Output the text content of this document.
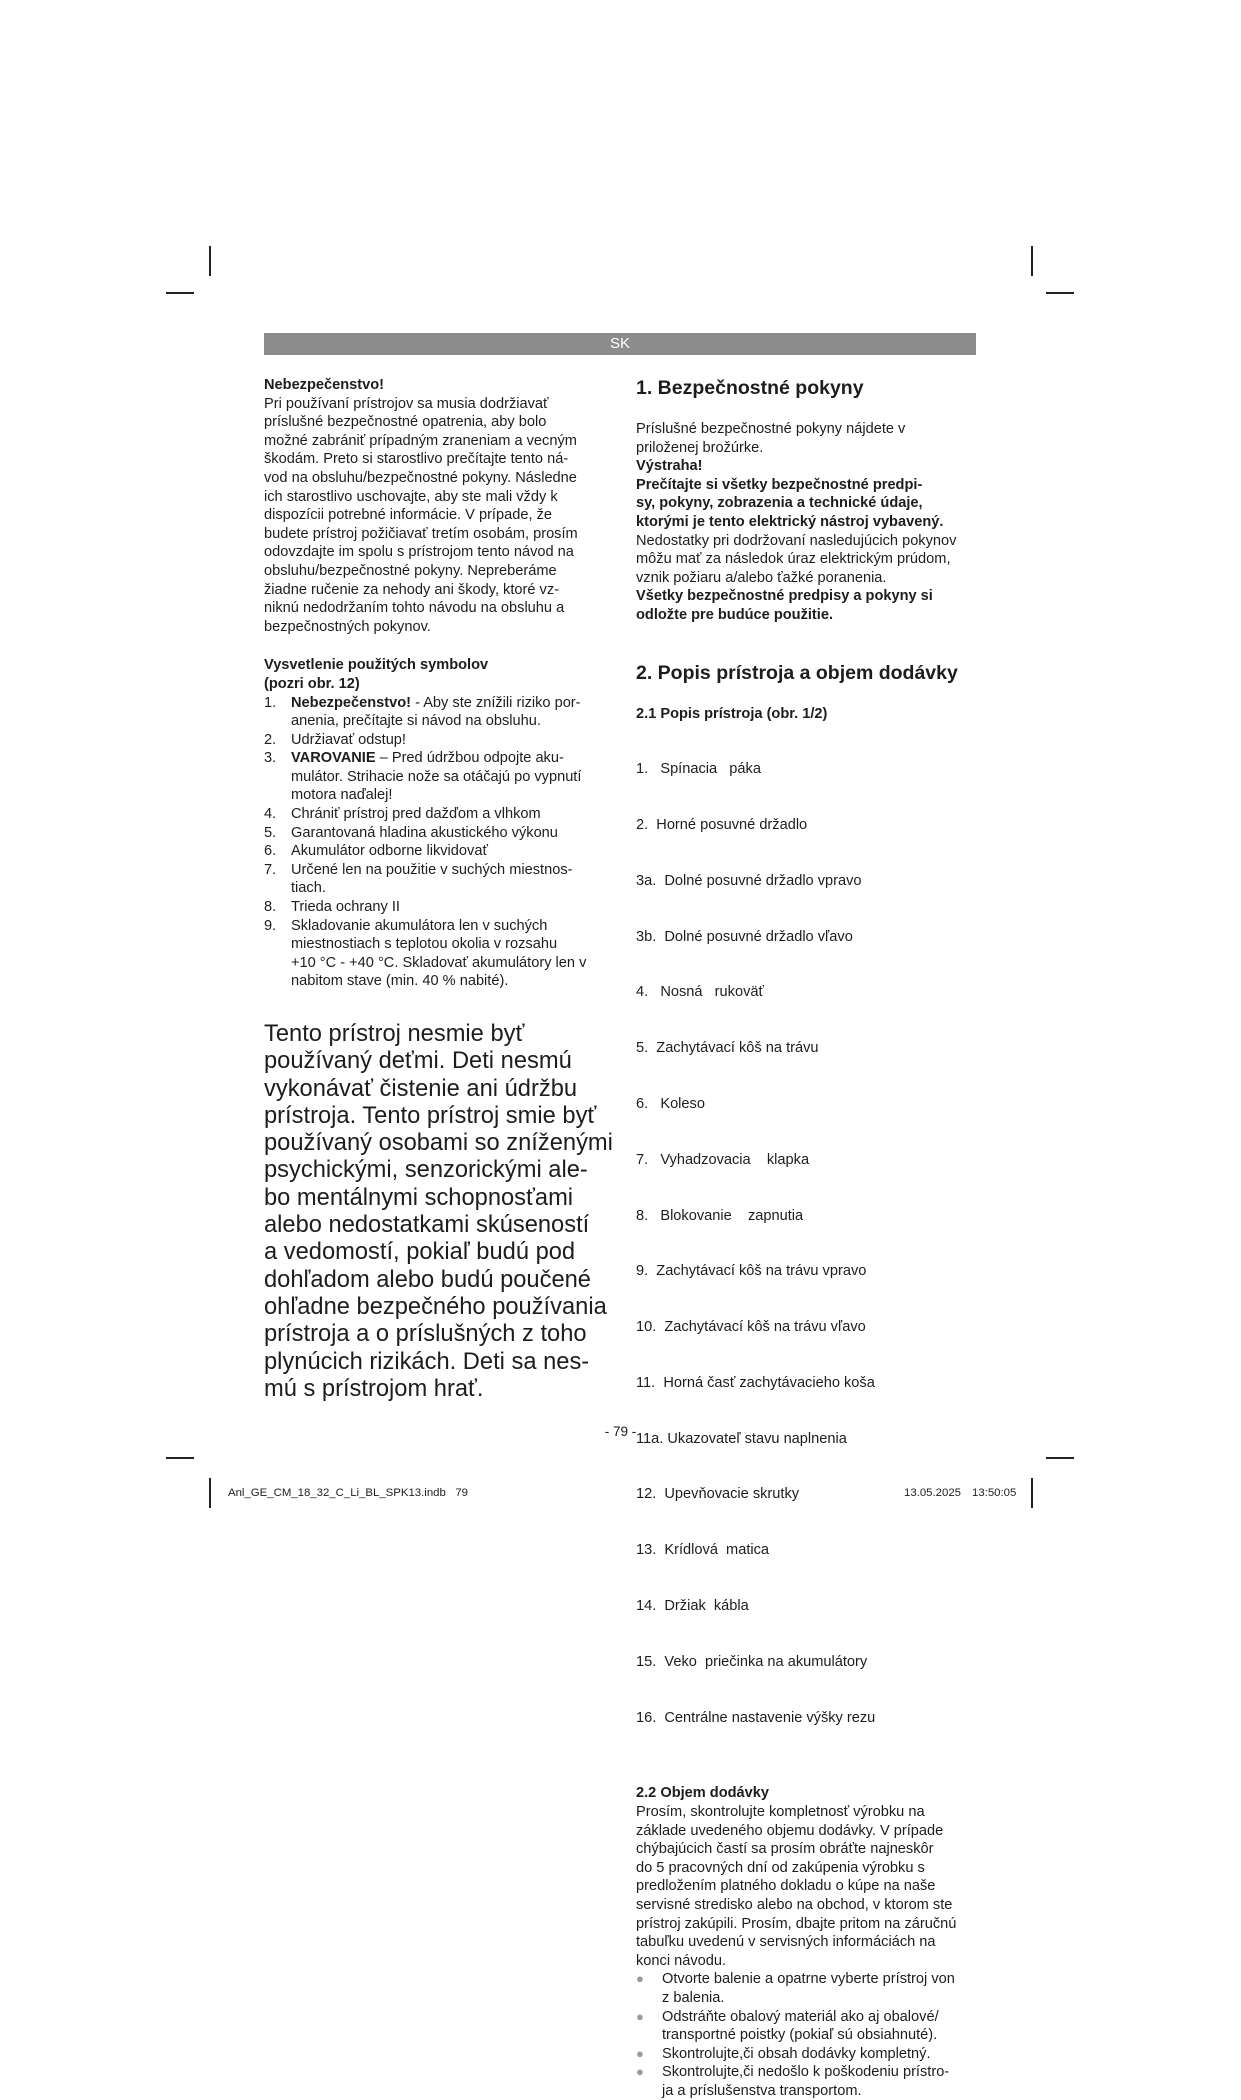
SK

Nebezpečenstvo!

Pri používaní prístrojov sa musia dodržiavať
príslušné bezpečnostné opatrenia, aby bolo
možné zabrániť prípadným zraneniam a vecným
škodám. Preto si starostlivo prečítajte tento ná-
vod na obsluhu/bezpečnostné pokyny. Následne
ich starostlivo uschovajte, aby ste mali vždy k
dispozícii potrebné informácie. V prípade, že
budete prístroj požičiavať tretím osobám, prosím
odovzdajte im spolu s prístrojom tento návod na
obsluhu/bezpečnostné pokyny. Nepreberáme
žiadne ručenie za nehody ani škody, ktoré vz-
niknú nedodržaním tohto návodu na obsluhu a
bezpečnostných pokynov.

Vysvetlenie použitých symbolov

(pozri obr. 12)

1. Nebezpečenstvo! - Aby ste znížili riziko por-
anenia, prečítajte si návod na obsluhu.
2. Udržiavať odstup!
3. VAROVANIE – Pred údržbou odpojte aku-
mulátor. Strihacie nože sa otáčajú po vypnutí
motora naďalej!
4. Chrániť prístroj pred dažďom a vlhkom
5. Garantovaná hladina akustického výkonu
6. Akumulátor odborne likvidovať
7. Určené len na použitie v suchých miestnos-
tiach.
8. Trieda ochrany II
9. Skladovanie akumulátora len v suchých
miestnostiach s teplotou okolia v rozsahu
+10 °C - +40 °C. Skladovať akumulátory len v
nabitom stave (min. 40 % nabité).
Tento prístroj nesmie byť
používaný deťmi. Deti nesmú
vykonávať čistenie ani údržbu
prístroja. Tento prístroj smie byť
používaný osobami so zníženými
psychickými, senzorickými ale-
bo mentálnymi schopnosťami
alebo nedostatkami skúseností
a vedomostí, pokiaľ budú pod
dohľadom alebo budú poučené
ohľadne bezpečného používania
prístroja a o príslušných z toho
plynúcich rizikách. Deti sa nes-
mú s prístrojom hrať.
1. Bezpečnostné pokyny
Príslušné bezpečnostné pokyny nájdete v
priloženej brožúrke.

Výstraha!

Prečítajte si všetky bezpečnostné predpi-
sy, pokyny, zobrazenia a technické údaje,
ktorými je tento elektrický nástroj vybavený.
Nedostatky pri dodržovaní nasledujúcich pokynov
môžu mať za následok úraz elektrickým prúdom,
vznik požiaru a/alebo ťažké poranenia.
Všetky bezpečnostné predpisy a pokyny si
odložte pre budúce použitie.
2. Popis prístroja a objem dodávky

2.1 Popis prístroja (obr. 1/2)

1.   Spínacia   páka

2.  Horné posuvné držadlo

3a.  Dolné posuvné držadlo vpravo

3b.  Dolné posuvné držadlo vľavo

4.   Nosná   rukoväť

5.  Zachytávací kôš na trávu

6.   Koleso

7.   Vyhadzovacia    klapka

8.   Blokovanie    zapnutia

9.  Zachytávací kôš na trávu vpravo

10.  Zachytávací kôš na trávu vľavo

11.  Horná časť zachytávacieho koša

11a. Ukazovateľ stavu naplnenia

12.  Upevňovacie skrutky

13.  Krídlová  matica

14.  Držiak  kábla

15.  Veko  priečinka na akumulátory

16.  Centrálne nastavenie výšky rezu

2.2 Objem dodávky

Prosím, skontrolujte kompletnosť výrobku na
základe uvedeného objemu dodávky. V prípade
chýbajúcich častí sa prosím obráťte najneskôr
do 5 pracovných dní od zakúpenia výrobku s
predložením platného dokladu o kúpe na naše
servisné stredisko alebo na obchod, v ktorom ste
prístroj zakúpili. Prosím, dbajte pritom na záručnú
tabuľku uvedenú v servisných informáciách na
konci návodu.
● Otvorte balenie a opatrne vyberte prístroj von
z balenia.
● Odstráňte obalový materiál ako aj obalové/
transportné poistky (pokiaľ sú obsiahnuté).
● Skontrolujte,či obsah dodávky kompletný.
● Skontrolujte,či nedošlo k poškodeniu prístro-
ja a príslušenstva transportom.
- 79 -
Anl_GE_CM_18_32_C_Li_BL_SPK13.indb   79	13.05.2025 13:50:05
